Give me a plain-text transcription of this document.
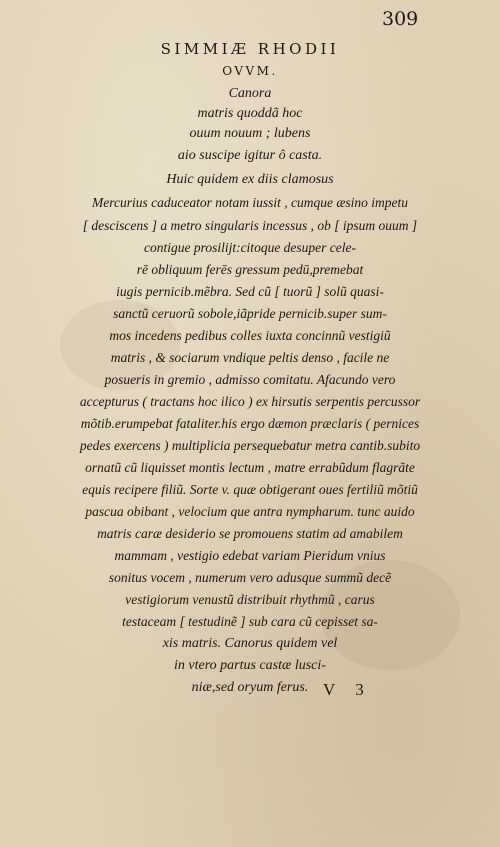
309
SIMMIÆ RHODII
OVVM.
Canora
matris quoddã hoc
ouum nouum ; lubens
aio suscipe igitur ô casta.
Huic quidem ex diis clamosus
Mercurius caduceator notam iussit , cumque æsino impetu
[ desciscens ] a metro singularis incessus , ob [ ipsum ouum ]
contigue prosilijt:citoque desuper cele-
rē obliquum ferēs gressum pedū,premebat
iugis pernicib.mẽbra. Sed cũ [ tuorũ ] solũ quasi-
sanctũ ceruorũ sobole,iãpride pernicib.super sum-
mos incedens pedibus colles iuxta concinnũ vestigiũ
matris , & sociarum vndique peltis denso , facile ne
posueris in gremio , admisso comitatu. Afacundo vero
accepturus ( tractans hoc ilico ) ex hirsutis serpentis percussor
mõtib.erumpebat fataliter.his ergo dæmon præclaris ( pernices
pedes exercens ) multiplicia persequebatur metra cantib.subito
ornatũ cũ liquisset montis lectum , matre errabũdum flagrãte
equis recipere filiũ. Sorte v. quæ obtigerant oues fertiliũ mõtiũ
pascua obibant , velocium que antra nympharum. tunc auido
matris caræ desiderio se promouens statim ad amabilem
mammam , vestigio edebat variam Pieridum vnius
sonitus vocem , numerum vero adusque summũ decẽ
vestigiorum venustũ distribuit rhythmũ , carus
testaceam [ testudinẽ ] sub cara cũ cepisset sa-
xis matris. Canorus quidem vel
in vtero partus castæ lusci-
niæ,sed oryum ferus. V 3
